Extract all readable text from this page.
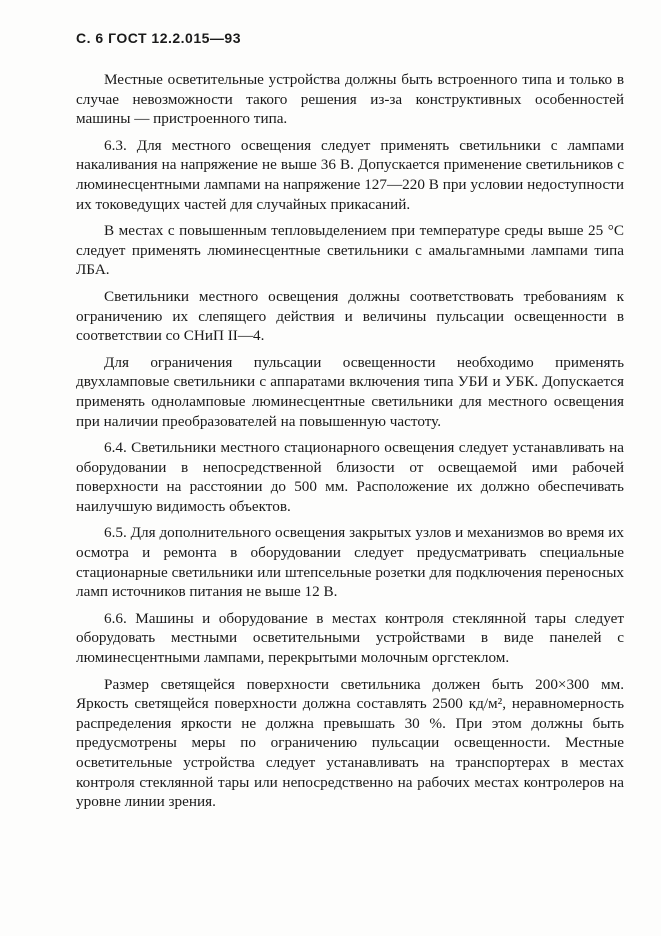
С. 6 ГОСТ 12.2.015—93

Местные осветительные устройства должны быть встроенного типа и только в случае невозможности такого решения из-за конструктивных особенностей машины — пристроенного типа.

6.3. Для местного освещения следует применять светильники с лампами накаливания на напряжение не выше 36 В. Допускается применение светильников с люминесцентными лампами на напряжение 127—220 В при условии недоступности их токоведущих частей для случайных прикасаний.

В местах с повышенным тепловыделением при температуре среды выше 25 °С следует применять люминесцентные светильники с амальгамными лампами типа ЛБА.

Светильники местного освещения должны соответствовать требованиям к ограничению их слепящего действия и величины пульсации освещенности в соответствии со СНиП II—4.

Для ограничения пульсации освещенности необходимо применять двухламповые светильники с аппаратами включения типа УБИ и УБК. Допускается применять одноламповые люминесцентные светильники для местного освещения при наличии преобразователей на повышенную частоту.

6.4. Светильники местного стационарного освещения следует устанавливать на оборудовании в непосредственной близости от освещаемой ими рабочей поверхности на расстоянии до 500 мм. Расположение их должно обеспечивать наилучшую видимость объектов.

6.5. Для дополнительного освещения закрытых узлов и механизмов во время их осмотра и ремонта в оборудовании следует предусматривать специальные стационарные светильники или штепсельные розетки для подключения переносных ламп источников питания не выше 12 В.

6.6. Машины и оборудование в местах контроля стеклянной тары следует оборудовать местными осветительными устройствами в виде панелей с люминесцентными лампами, перекрытыми молочным оргстеклом.

Размер светящейся поверхности светильника должен быть 200×300 мм. Яркость светящейся поверхности должна составлять 2500 кд/м², неравномерность распределения яркости не должна превышать 30 %. При этом должны быть предусмотрены меры по ограничению пульсации освещенности. Местные осветительные устройства следует устанавливать на транспортерах в местах контроля стеклянной тары или непосредственно на рабочих местах контролеров на уровне линии зрения.
